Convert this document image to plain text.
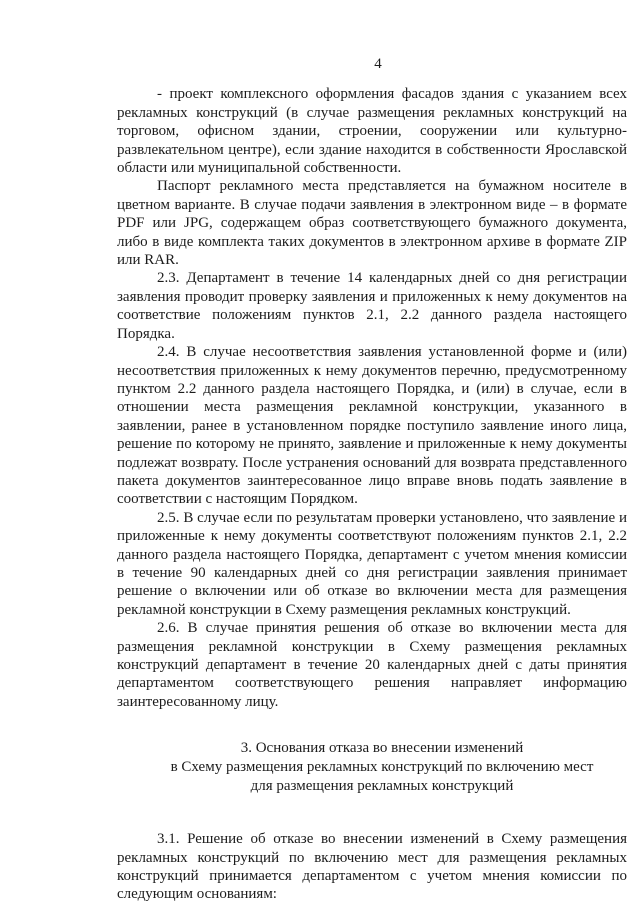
4

- проект комплексного оформления фасадов здания с указанием всех рекламных конструкций (в случае размещения рекламных конструкций на торговом, офисном здании, строении, сооружении или культурно-развлекательном центре), если здание находится в собственности Ярославской области или муниципальной собственности.

Паспорт рекламного места представляется на бумажном носителе в цветном варианте. В случае подачи заявления в электронном виде – в формате PDF или JPG, содержащем образ соответствующего бумажного документа, либо в виде комплекта таких документов в электронном архиве в формате ZIP или RAR.

2.3. Департамент в течение 14 календарных дней со дня регистрации заявления проводит проверку заявления и приложенных к нему документов на соответствие положениям пунктов 2.1, 2.2 данного раздела настоящего Порядка.

2.4. В случае несоответствия заявления установленной форме и (или) несоответствия приложенных к нему документов перечню, предусмотренному пунктом 2.2 данного раздела настоящего Порядка, и (или) в случае, если в отношении места размещения рекламной конструкции, указанного в заявлении, ранее в установленном порядке поступило заявление иного лица, решение по которому не принято, заявление и приложенные к нему документы подлежат возврату. После устранения оснований для возврата представленного пакета документов заинтересованное лицо вправе вновь подать заявление в соответствии с настоящим Порядком.

2.5. В случае если по результатам проверки установлено, что заявление и приложенные к нему документы соответствуют положениям пунктов 2.1, 2.2 данного раздела настоящего Порядка, департамент с учетом мнения комиссии в течение 90 календарных дней со дня регистрации заявления принимает решение о включении или об отказе во включении места для размещения рекламной конструкции в Схему размещения рекламных конструкций.

2.6. В случае принятия решения об отказе во включении места для размещения рекламной конструкции в Схему размещения рекламных конструкций департамент в течение 20 календарных дней с даты принятия департаментом соответствующего решения направляет информацию заинтересованному лицу.

3. Основания отказа во внесении изменений
в Схему размещения рекламных конструкций по включению мест
для размещения рекламных конструкций

3.1. Решение об отказе во внесении изменений в Схему размещения рекламных конструкций по включению мест для размещения рекламных конструкций принимается департаментом с учетом мнения комиссии по следующим основаниям:
